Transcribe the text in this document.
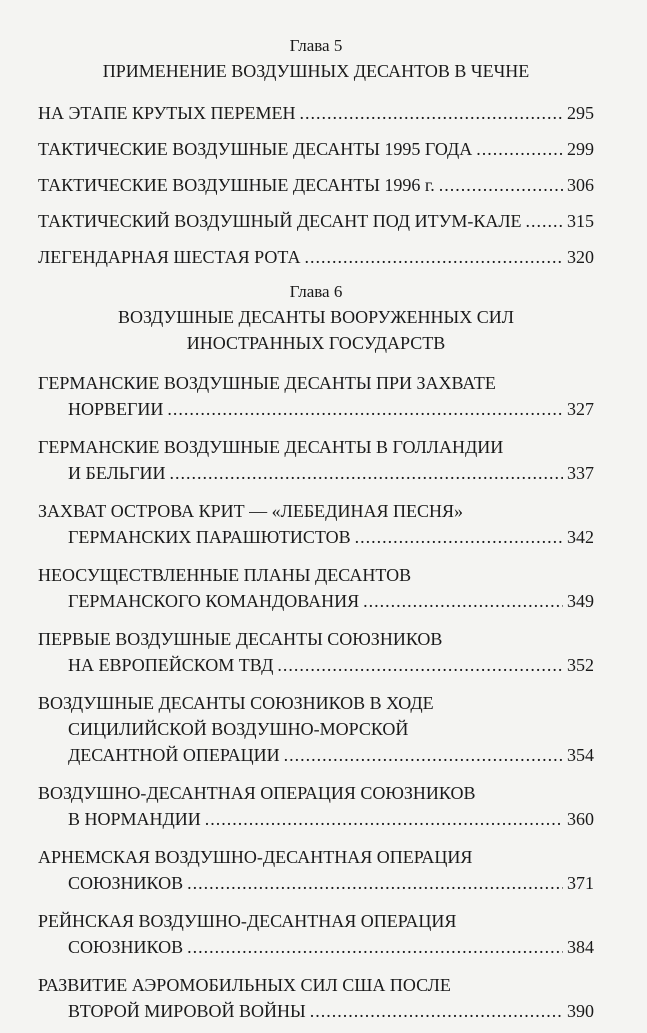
Глава 5
ПРИМЕНЕНИЕ ВОЗДУШНЫХ ДЕСАНТОВ В ЧЕЧНЕ
НА ЭТАПЕ КРУТЫХ ПЕРЕМЕН .....	295
ТАКТИЧЕСКИЕ ВОЗДУШНЫЕ ДЕСАНТЫ 1995 ГОДА .....	299
ТАКТИЧЕСКИЕ ВОЗДУШНЫЕ ДЕСАНТЫ 1996 г. .....	306
ТАКТИЧЕСКИЙ ВОЗДУШНЫЙ ДЕСАНТ ПОД ИТУМ-КАЛЕ .....	315
ЛЕГЕНДАРНАЯ ШЕСТАЯ РОТА .....	320
Глава 6
ВОЗДУШНЫЕ ДЕСАНТЫ ВООРУЖЕННЫХ СИЛ
ИНОСТРАННЫХ ГОСУДАРСТВ
ГЕРМАНСКИЕ ВОЗДУШНЫЕ ДЕСАНТЫ ПРИ ЗАХВАТЕ
НОРВЕГИИ .....	327
ГЕРМАНСКИЕ ВОЗДУШНЫЕ ДЕСАНТЫ В ГОЛЛАНДИИ
И БЕЛЬГИИ .....	337
ЗАХВАТ ОСТРОВА КРИТ — «ЛЕБЕДИНАЯ ПЕСНЯ»
ГЕРМАНСКИХ ПАРАШЮТИСТОВ .....	342
НЕОСУЩЕСТВЛЕННЫЕ ПЛАНЫ ДЕСАНТОВ
ГЕРМАНСКОГО КОМАНДОВАНИЯ .....	349
ПЕРВЫЕ ВОЗДУШНЫЕ ДЕСАНТЫ СОЮЗНИКОВ
НА ЕВРОПЕЙСКОМ ТВД .....	352
ВОЗДУШНЫЕ ДЕСАНТЫ СОЮЗНИКОВ В ХОДЕ
СИЦИЛИЙСКОЙ ВОЗДУШНО-МОРСКОЙ
ДЕСАНТНОЙ ОПЕРАЦИИ .....	354
ВОЗДУШНО-ДЕСАНТНАЯ ОПЕРАЦИЯ СОЮЗНИКОВ
В НОРМАНДИИ .....	360
АРНЕМСКАЯ ВОЗДУШНО-ДЕСАНТНАЯ ОПЕРАЦИЯ
СОЮЗНИКОВ .....	371
РЕЙНСКАЯ ВОЗДУШНО-ДЕСАНТНАЯ ОПЕРАЦИЯ
СОЮЗНИКОВ .....	384
РАЗВИТИЕ АЭРОМОБИЛЬНЫХ СИЛ США ПОСЛЕ
ВТОРОЙ МИРОВОЙ ВОЙНЫ .....	390
